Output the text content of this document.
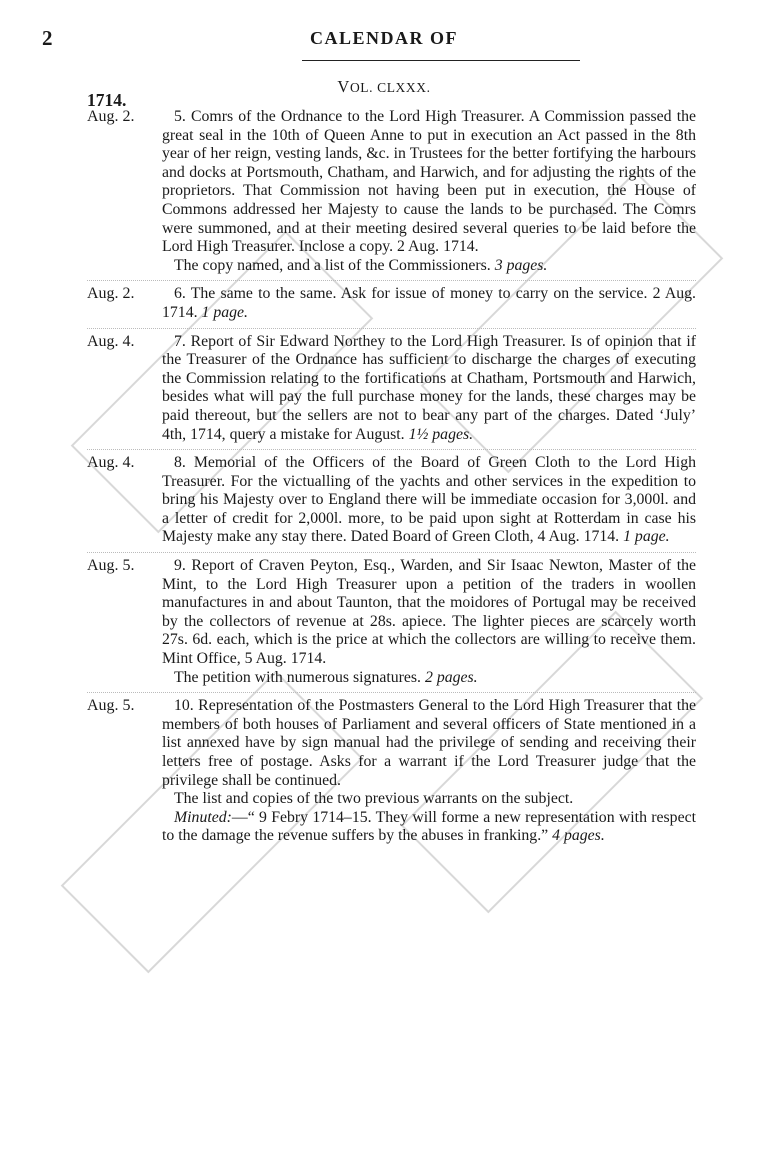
2	CALENDAR OF
VOL. CLXXX.
1714.
Aug. 2.	5. Comrs of the Ordnance to the Lord High Treasurer. A Commission passed the great seal in the 10th of Queen Anne to put in execution an Act passed in the 8th year of her reign, vesting lands, &c. in Trustees for the better fortifying the harbours and docks at Portsmouth, Chatham, and Harwich, and for adjusting the rights of the proprietors. That Commission not having been put in execution, the House of Commons addressed her Majesty to cause the lands to be purchased. The Comrs were summoned, and at their meeting desired several queries to be laid before the Lord High Treasurer. Inclose a copy. 2 Aug. 1714.

The copy named, and a list of the Commissioners. 3 pages.

Aug. 2.	6. The same to the same. Ask for issue of money to carry on the service. 2 Aug. 1714. 1 page.

Aug. 4.	7. Report of Sir Edward Northey to the Lord High Treasurer. Is of opinion that if the Treasurer of the Ordnance has sufficient to discharge the charges of executing the Commission relating to the fortifications at Chatham, Portsmouth and Harwich, besides what will pay the full purchase money for the lands, these charges may be paid thereout, but the sellers are not to bear any part of the charges. Dated ‘July’ 4th, 1714, query a mistake for August. 1½ pages.

Aug. 4.	8. Memorial of the Officers of the Board of Green Cloth to the Lord High Treasurer. For the victualling of the yachts and other services in the expedition to bring his Majesty over to England there will be immediate occasion for 3,000l. and a letter of credit for 2,000l. more, to be paid upon sight at Rotterdam in case his Majesty make any stay there. Dated Board of Green Cloth, 4 Aug. 1714. 1 page.

Aug. 5.	9. Report of Craven Peyton, Esq., Warden, and Sir Isaac Newton, Master of the Mint, to the Lord High Treasurer upon a petition of the traders in woollen manufactures in and about Taunton, that the moidores of Portugal may be received by the collectors of revenue at 28s. apiece. The lighter pieces are scarcely worth 27s. 6d. each, which is the price at which the collectors are willing to receive them. Mint Office, 5 Aug. 1714.

The petition with numerous signatures. 2 pages.

Aug. 5.	10. Representation of the Postmasters General to the Lord High Treasurer that the members of both houses of Parliament and several officers of State mentioned in a list annexed have by sign manual had the privilege of sending and receiving their letters free of postage. Asks for a warrant if the Lord Treasurer judge that the privilege shall be continued.

The list and copies of the two previous warrants on the subject.

Minuted:—“ 9 Febry 1714–15. They will forme a new representation with respect to the damage the revenue suffers by the abuses in franking.” 4 pages.
